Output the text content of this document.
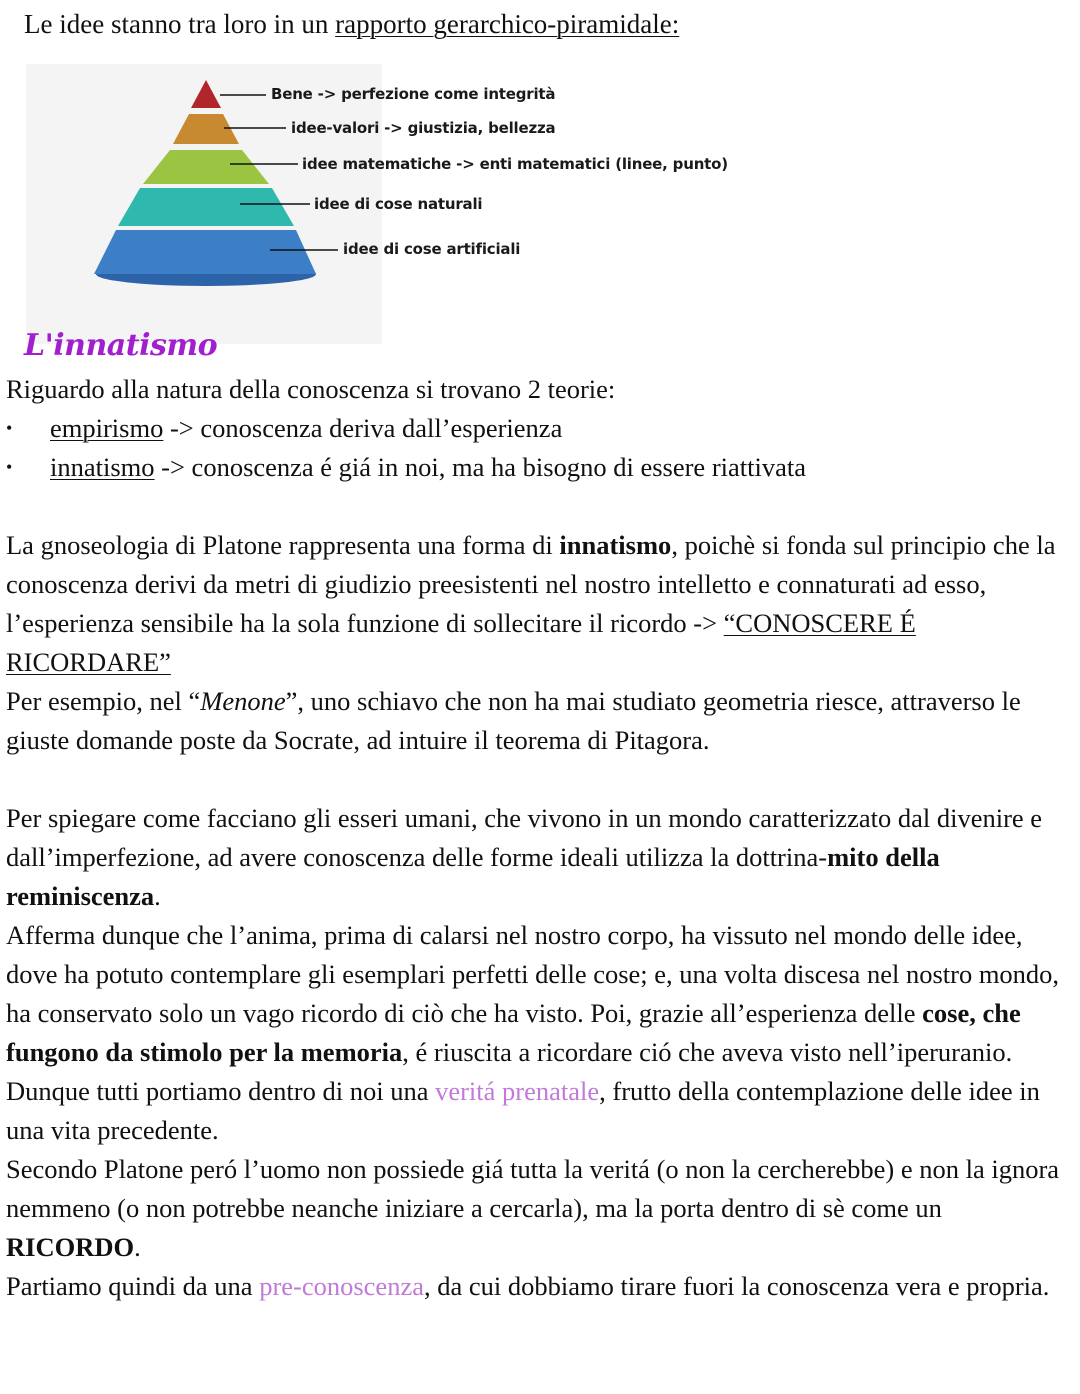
Le idee stanno tra loro in un rapporto gerarchico-piramidale:

Bene -> perfezione come integrità
idee-valori -> giustizia, bellezza
idee matematiche -> enti matematici (linee, punto)
idee di cose naturali
idee di cose artificiali
L'innatismo

Riguardo alla natura della conoscenza si trovano 2 teorie:

• empirismo -> conoscenza deriva dall’esperienza

• innatismo -> conoscenza é giá in noi, ma ha bisogno di essere riattivata

La gnoseologia di Platone rappresenta una forma di innatismo, poichè si fonda sul principio che la conoscenza derivi da metri di giudizio preesistenti nel nostro intelletto e connaturati ad esso, l’esperienza sensibile ha la sola funzione di sollecitare il ricordo -> “CONOSCERE É RICORDARE”

Per esempio, nel “Menone”, uno schiavo che non ha mai studiato geometria riesce, attraverso le giuste domande poste da Socrate, ad intuire il teorema di Pitagora.

Per spiegare come facciano gli esseri umani, che vivono in un mondo caratterizzato dal divenire e dall’imperfezione, ad avere conoscenza delle forme ideali utilizza la dottrina-mito della reminiscenza.

Afferma dunque che l’anima, prima di calarsi nel nostro corpo, ha vissuto nel mondo delle idee, dove ha potuto contemplare gli esemplari perfetti delle cose; e, una volta discesa nel nostro mondo, ha conservato solo un vago ricordo di ciò che ha visto. Poi, grazie all’esperienza delle cose, che fungono da stimolo per la memoria, é riuscita a ricordare ció che aveva visto nell’iperuranio.

Dunque tutti portiamo dentro di noi una veritá prenatale, frutto della contemplazione delle idee in una vita precedente.

Secondo Platone peró l’uomo non possiede giá tutta la veritá (o non la cercherebbe) e non la ignora nemmeno (o non potrebbe neanche iniziare a cercarla), ma la porta dentro di sè come un RICORDO.

Partiamo quindi da una pre-conoscenza, da cui dobbiamo tirare fuori la conoscenza vera e propria.
